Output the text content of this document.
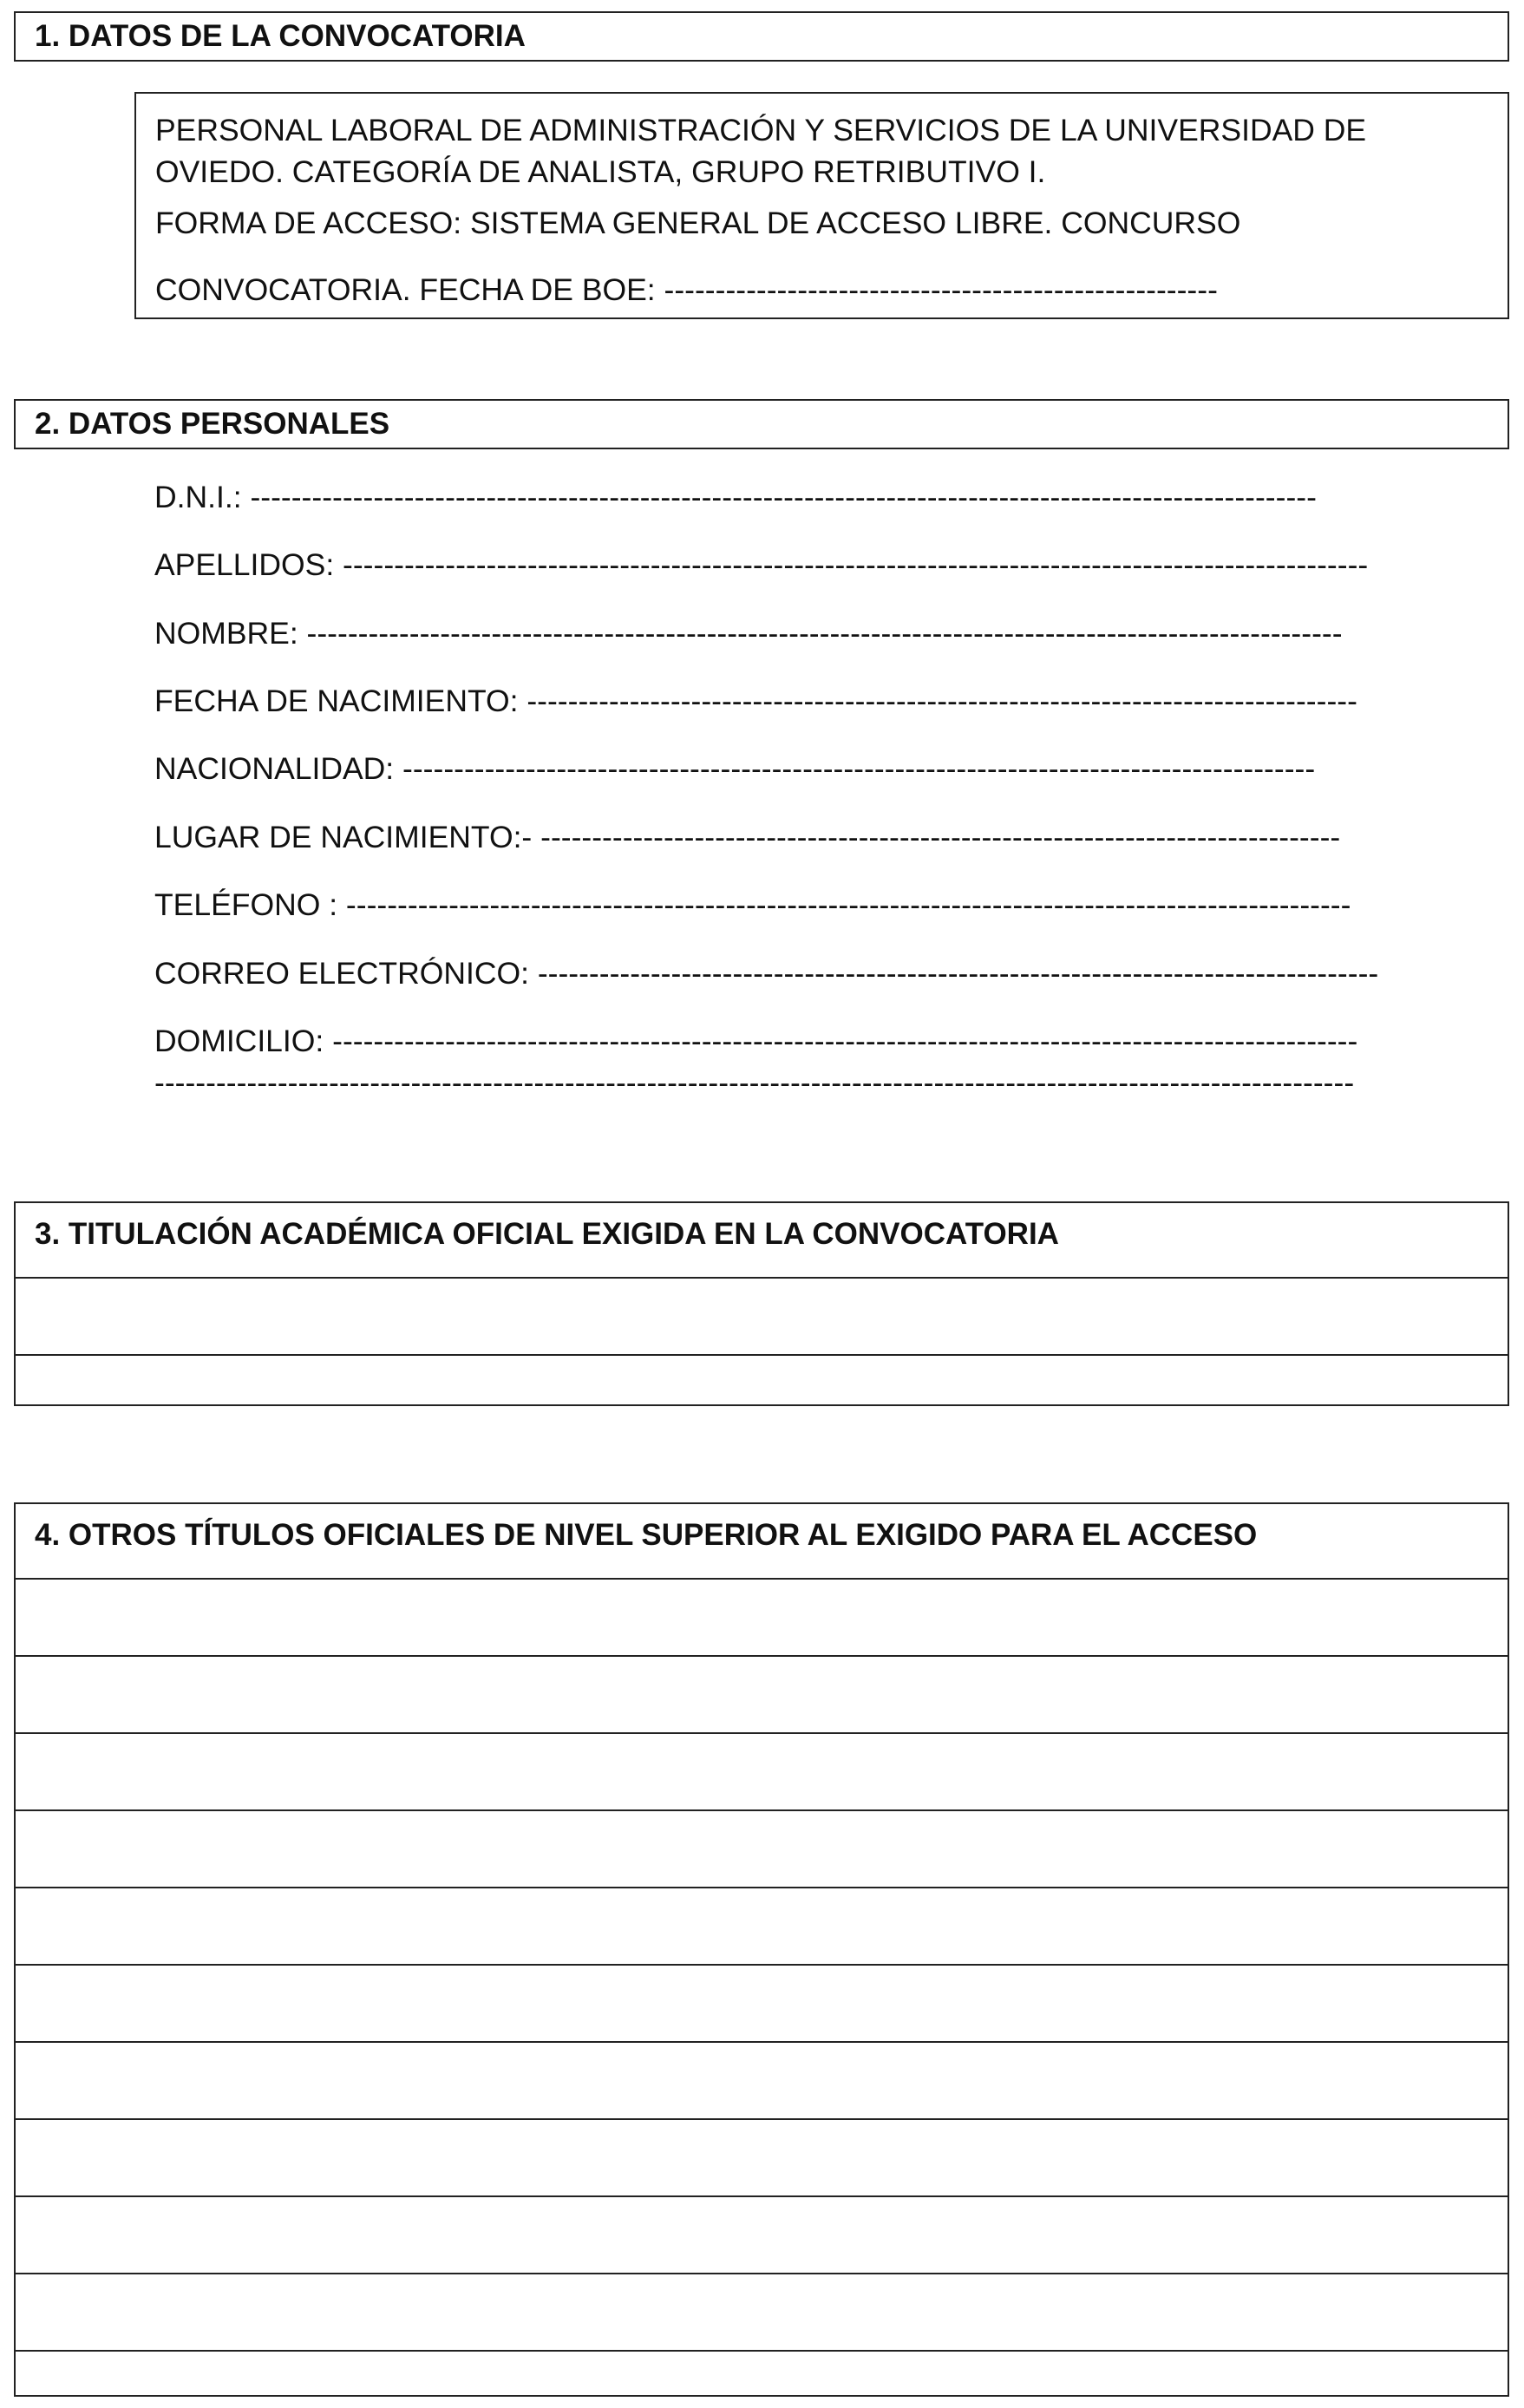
1. DATOS DE LA CONVOCATORIA
PERSONAL LABORAL DE ADMINISTRACIÓN Y SERVICIOS DE LA UNIVERSIDAD DE
OVIEDO. CATEGORÍA DE ANALISTA, GRUPO RETRIBUTIVO I.
FORMA DE ACCESO: SISTEMA GENERAL DE ACCESO LIBRE. CONCURSO
CONVOCATORIA. FECHA DE BOE: ------------------------------------------------------
2. DATOS PERSONALES
D.N.I.: --------------------------------------------------------------------------------------------------------
APELLIDOS: ----------------------------------------------------------------------------------------------------
NOMBRE: -----------------------------------------------------------------------------------------------------
FECHA DE NACIMIENTO: ---------------------------------------------------------------------------------
NACIONALIDAD: -----------------------------------------------------------------------------------------
LUGAR DE NACIMIENTO:- ------------------------------------------------------------------------------
TELÉFONO : --------------------------------------------------------------------------------------------------
CORREO ELECTRÓNICO: ----------------------------------------------------------------------------------
DOMICILIO: ----------------------------------------------------------------------------------------------------
---------------------------------------------------------------------------------------------------------------------
3. TITULACIÓN ACADÉMICA OFICIAL EXIGIDA EN LA CONVOCATORIA
4. OTROS TÍTULOS OFICIALES DE NIVEL SUPERIOR AL EXIGIDO PARA EL ACCESO
